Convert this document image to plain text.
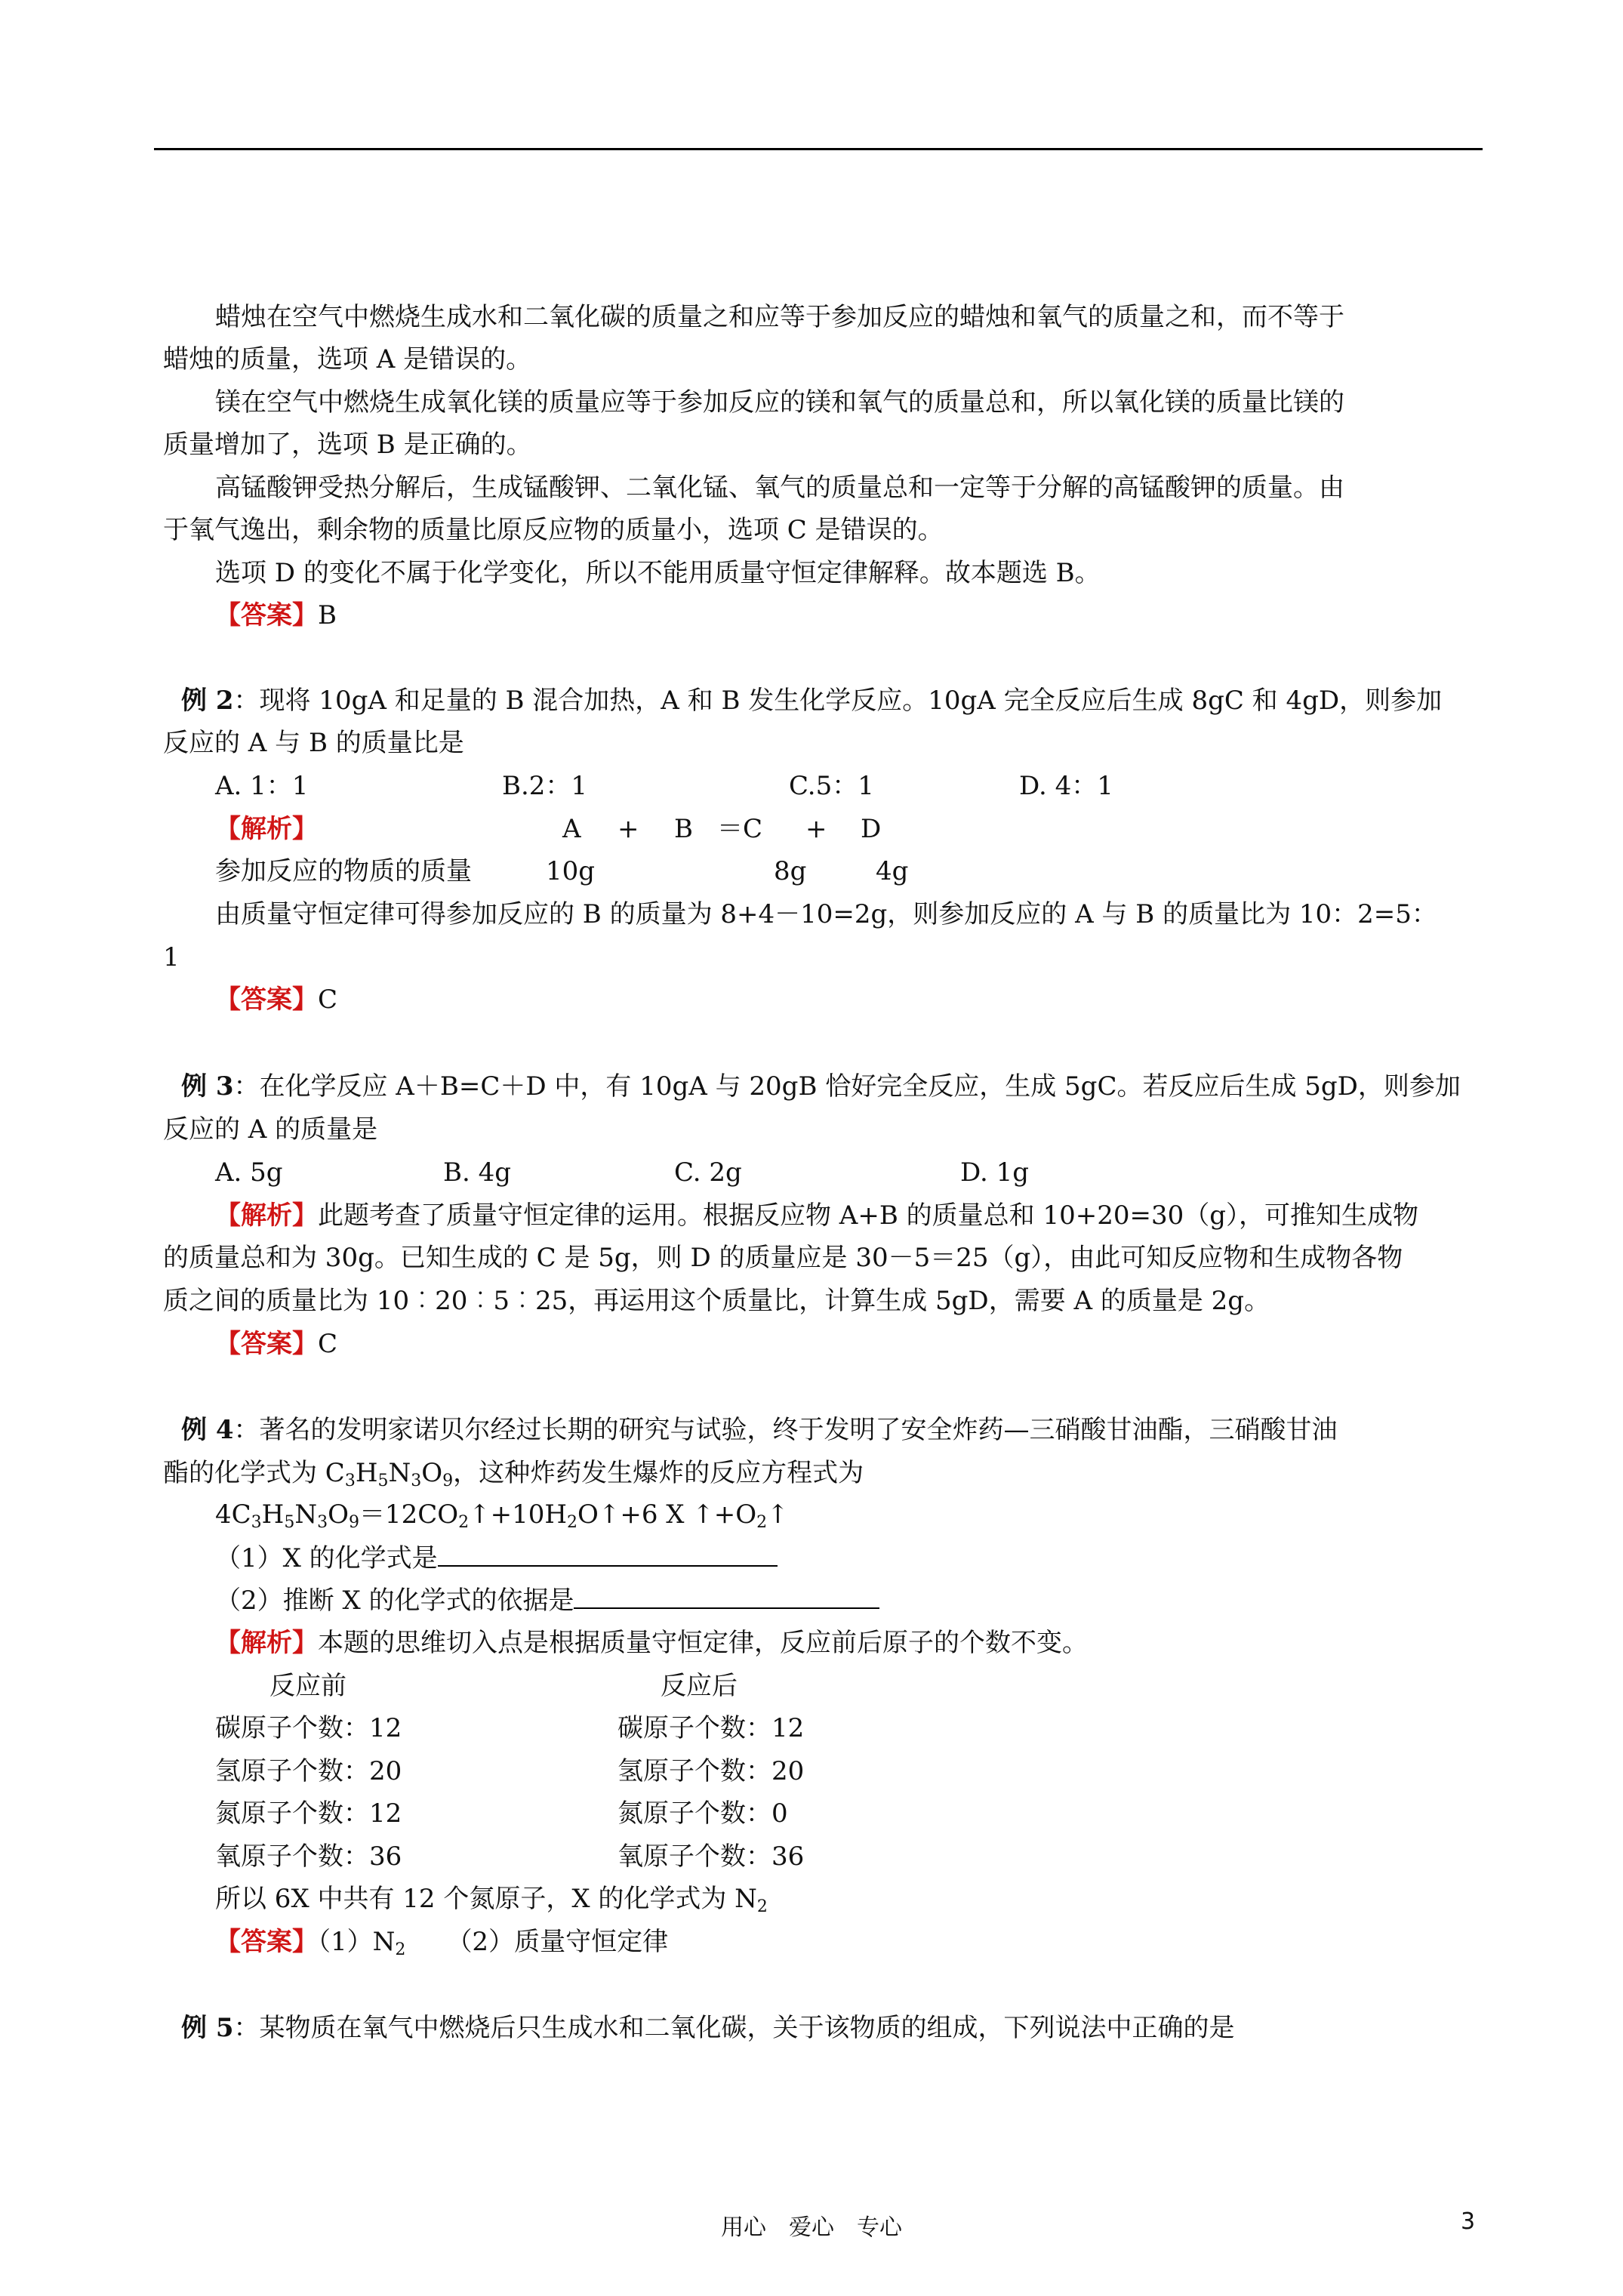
蜡烛在空气中燃烧生成水和二氧化碳的质量之和应等于参加反应的蜡烛和氧气的质量之和，而不等于
蜡烛的质量，选项 A 是错误的。
镁在空气中燃烧生成氧化镁的质量应等于参加反应的镁和氧气的质量总和，所以氧化镁的质量比镁的
质量增加了，选项 B 是正确的。
高锰酸钾受热分解后，生成锰酸钾、二氧化锰、氧气的质量总和一定等于分解的高锰酸钾的质量。由
于氧气逸出，剩余物的质量比原反应物的质量小，选项 C 是错误的。
选项 D 的变化不属于化学变化，所以不能用质量守恒定律解释。故本题选 B。
【答案】B
例 2：现将 10gA 和足量的 B 混合加热，A 和 B 发生化学反应。10gA 完全反应后生成 8gC 和 4gD，则参加
反应的 A 与 B 的质量比是
A. 1：1	B.2：1	C.5：1	D. 4：1
【解析】	A + B ＝C + D
参加反应的物质的质量	10g	8g	4g
由质量守恒定律可得参加反应的 B 的质量为 8+4－10=2g，则参加反应的 A 与 B 的质量比为 10：2=5：
1
【答案】C
例 3：在化学反应 A＋B=C＋D 中，有 10gA 与 20gB 恰好完全反应，生成 5gC。若反应后生成 5gD，则参加
反应的 A 的质量是
A. 5g	B. 4g	C. 2g	D. 1g
【解析】此题考查了质量守恒定律的运用。根据反应物 A+B 的质量总和 10+20=30（g），可推知生成物
的质量总和为 30g。已知生成的 C 是 5g，则 D 的质量应是 30－5＝25（g），由此可知反应物和生成物各物
质之间的质量比为 10︰20︰5︰25，再运用这个质量比，计算生成 5gD，需要 A 的质量是 2g。
【答案】C
例 4：著名的发明家诺贝尔经过长期的研究与试验，终于发明了安全炸药—三硝酸甘油酯，三硝酸甘油
酯的化学式为 $C_3H_5N_3O_9$，这种炸药发生爆炸的反应方程式为
$4C_3H_5N_3O_9=12CO_2↑+10H_2O↑+6$ X $↑+O_2↑$
（1）X 的化学式是
（2）推断 X 的化学式的依据是
【解析】本题的思维切入点是根据质量守恒定律，反应前后原子的个数不变。
反应前	反应后
碳原子个数：12	碳原子个数：12
氢原子个数：20	氢原子个数：20
氮原子个数：12	氮原子个数：0
氧原子个数：36	氧原子个数：36
所以 6X 中共有 12 个氮原子，X 的化学式为 $N_2$
【答案】$(1)N_2$ （2）质量守恒定律
例 5：某物质在氧气中燃烧后只生成水和二氧化碳，关于该物质的组成，下列说法中正确的是
用心　爱心　专心	3
